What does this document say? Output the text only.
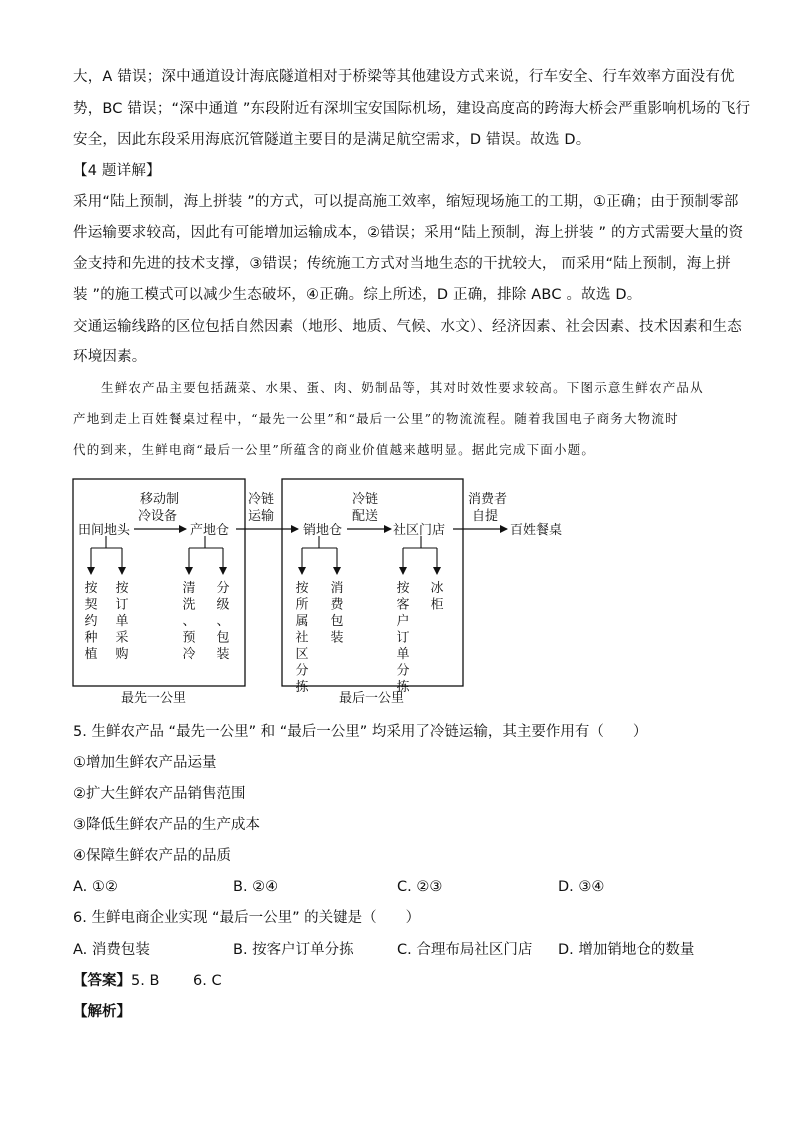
大，A 错误；深中通道设计海底隧道相对于桥梁等其他建设方式来说，行车安全、行车效率方面没有优
势，BC 错误；“深中通道 ”东段附近有深圳宝安国际机场，建设高度高的跨海大桥会严重影响机场的飞行
安全，因此东段采用海底沉管隧道主要目的是满足航空需求，D 错误。故选 D。
【4 题详解】
采用“陆上预制，海上拼装 ”的方式，可以提高施工效率，缩短现场施工的工期，①正确；由于预制零部
件运输要求较高，因此有可能增加运输成本，②错误；采用“陆上预制，海上拼装 ” 的方式需要大量的资
金支持和先进的技术支撑，③错误；传统施工方式对当地生态的干扰较大， 而采用“陆上预制，海上拼
装 ”的施工模式可以减少生态破坏，④正确。综上所述，D 正确，排除 ABC 。故选 D。
交通运输线路的区位包括自然因素（地形、地质、气候、水文）、经济因素、社会因素、技术因素和生态
环境因素。
生鲜农产品主要包括蔬菜、水果、蛋、肉、奶制品等，其对时效性要求较高。下图示意生鲜农产品从
产地到走上百姓餐桌过程中，“最先一公里”和“最后一公里”的物流流程。随着我国电子商务大物流时
代的到来，生鲜电商“最后一公里”所蕴含的商业价值越来越明显。据此完成下面小题。
田间地头	产地仓	销地仓	社区门店	百姓餐桌
移动制
冷设备
冷链
运输
冷链
配送
消费者
自提
按契约种植
按订单采购
清洗、预冷
分级、包装
按所属社区分拣
消费包装
按客户订单分拣
冰柜
最先一公里	最后一公里
5. 生鲜农产品 “最先一公里” 和 “最后一公里” 均采用了冷链运输，其主要作用有（　　）
①增加生鲜农产品运量
②扩大生鲜农产品销售范围
③降低生鲜农产品的生产成本
④保障生鲜农产品的品质
A. ①②	B. ②④	C. ②③	D. ③④
6. 生鲜电商企业实现 “最后一公里” 的关键是（　　）
A. 消费包装	B. 按客户订单分拣	C. 合理布局社区门店 D. 增加销地仓的数量
【答案】5. B　　 6. C
【解析】
